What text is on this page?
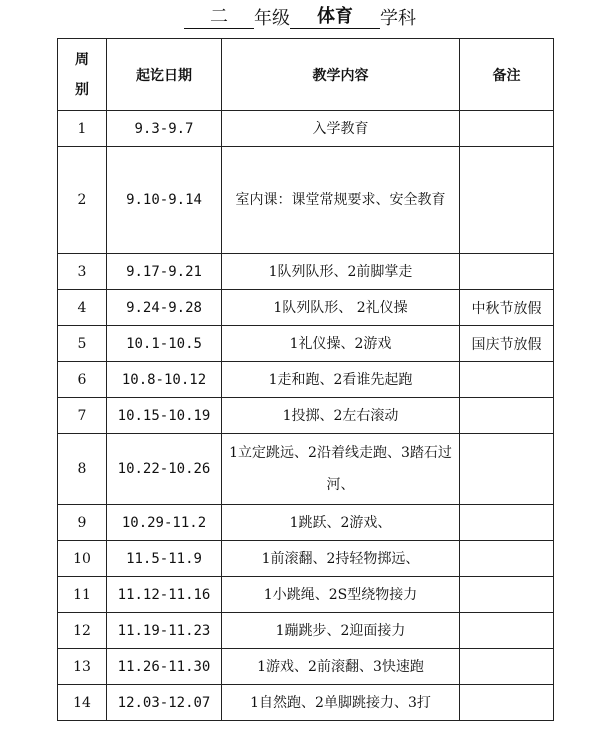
二 年级 体育 学科
周别	起讫日期	教学内容	备注
1	9.3-9.7	入学教育	
2	9.10-9.14	室内课：课堂常规要求、安全教育	
3	9.17-9.21	1队列队形、2前脚掌走	
4	9.24-9.28	1队列队形、 2礼仪操	中秋节放假
5	10.1-10.5	1礼仪操、2游戏	国庆节放假
6	10.8-10.12	1走和跑、2看谁先起跑	
7	10.15-10.19	1投掷、2左右滚动	
8	10.22-10.26	1立定跳远、2沿着线走跑、3踏石过河、	
9	10.29-11.2	1跳跃、2游戏、	
10	11.5-11.9	1前滚翻、2持轻物掷远、	
11	11.12-11.16	1小跳绳、2S型绕物接力	
12	11.19-11.23	1蹦跳步、2迎面接力	
13	11.26-11.30	1游戏、2前滚翻、3快速跑	
14	12.03-12.07	1自然跑、2单脚跳接力、3打	
